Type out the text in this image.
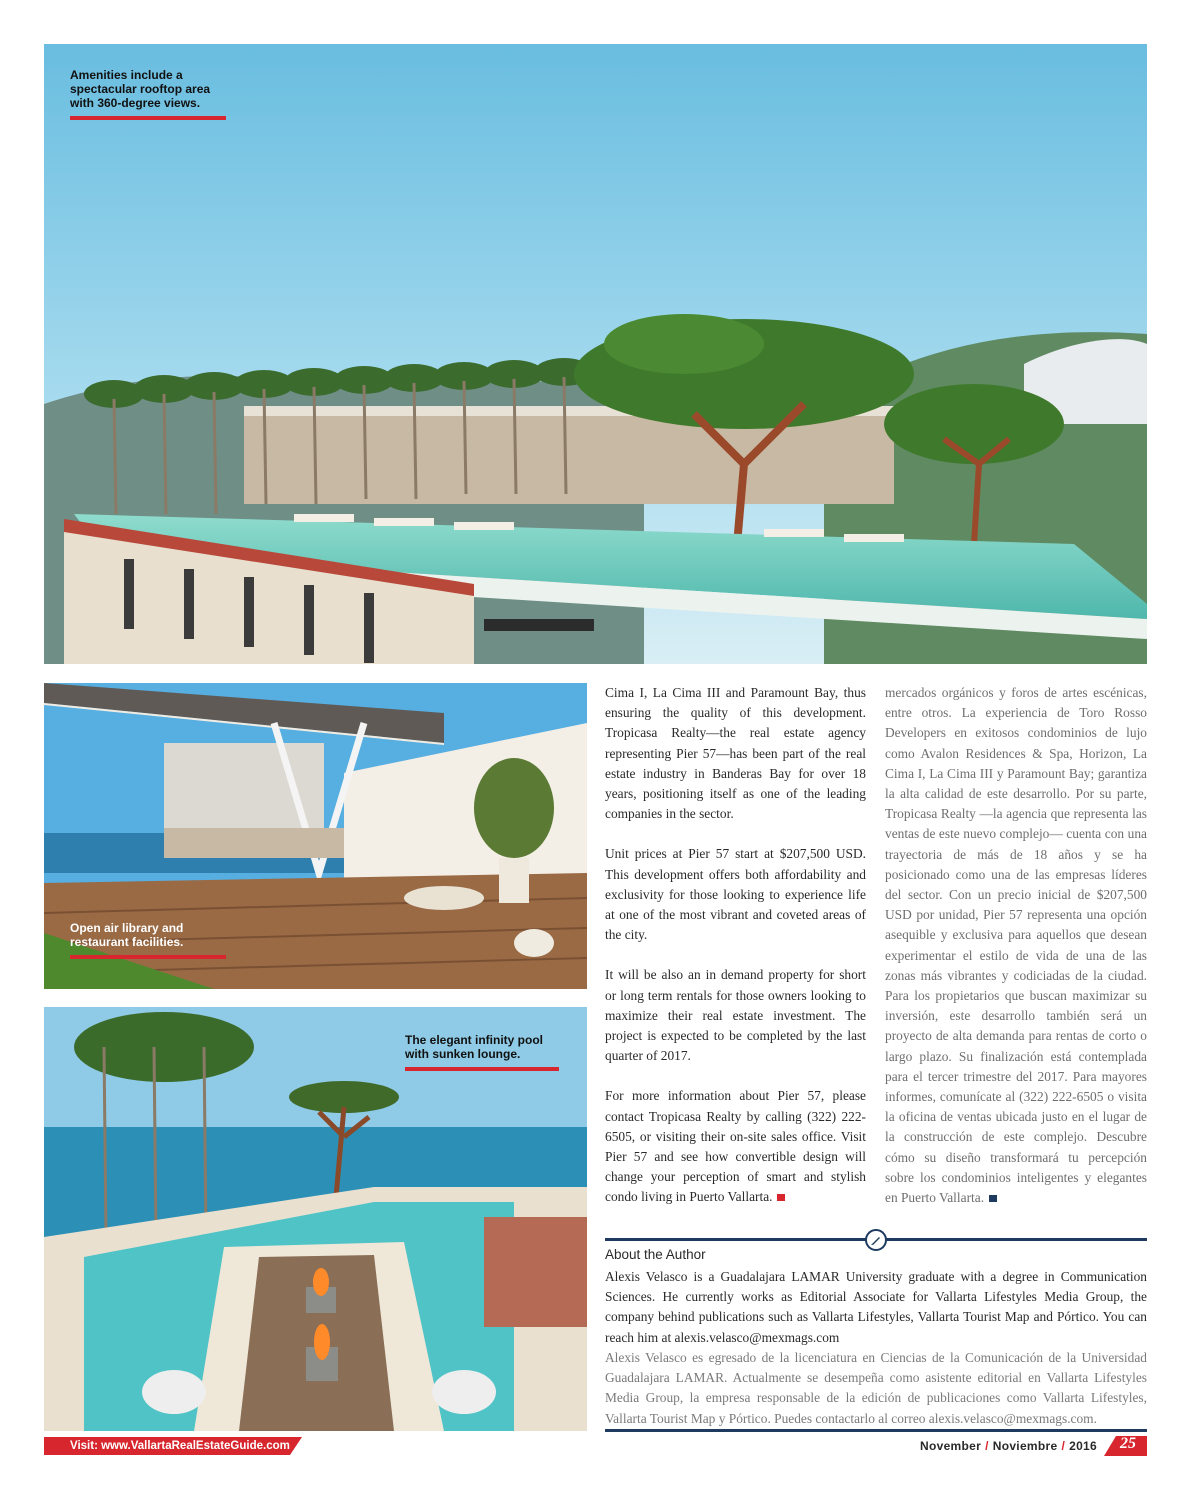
Amenities include a spectacular rooftop area with 360-degree views.
Open air library and restaurant facilities.
The elegant infinity pool with sunken lounge.

Cima I, La Cima III and Paramount Bay, thus ensuring the quality of this development. Tropicasa Realty—the real estate agency representing Pier 57—has been part of the real estate industry in Banderas Bay for over 18 years, positioning itself as one of the leading companies in the sector.

Unit prices at Pier 57 start at $207,500 USD. This development offers both affordability and exclusivity for those looking to experience life at one of the most vibrant and coveted areas of the city.

It will be also an in demand property for short or long term rentals for those owners looking to maximize their real estate investment. The project is expected to be completed by the last quarter of 2017.

For more information about Pier 57, please contact Tropicasa Realty by calling (322) 222-6505, or visiting their on-site sales office. Visit Pier 57 and see how convertible design will change your perception of smart and stylish condo living in Puerto Vallarta.

mercados orgánicos y foros de artes escénicas, entre otros. La experiencia de Toro Rosso Developers en exitosos condominios de lujo como Avalon Residences & Spa, Horizon, La Cima I, La Cima III y Paramount Bay; garantiza la alta calidad de este desarrollo. Por su parte, Tropicasa Realty —la agencia que representa las ventas de este nuevo complejo— cuenta con una trayectoria de más de 18 años y se ha posicionado como una de las empresas líderes del sector. Con un precio inicial de $207,500 USD por unidad, Pier 57 representa una opción asequible y exclusiva para aquellos que desean experimentar el estilo de vida de una de las zonas más vibrantes y codiciadas de la ciudad. Para los propietarios que buscan maximizar su inversión, este desarrollo también será un proyecto de alta demanda para rentas de corto o largo plazo. Su finalización está contemplada para el tercer trimestre del 2017. Para mayores informes, comunícate al (322) 222-6505 o visita la oficina de ventas ubicada justo en el lugar de la construcción de este complejo. Descubre cómo su diseño transformará tu percepción sobre los condominios inteligentes y elegantes en Puerto Vallarta.

About the Author
Alexis Velasco is a Guadalajara LAMAR University graduate with a degree in Communication Sciences. He currently works as Editorial Associate for Vallarta Lifestyles Media Group, the company behind publications such as Vallarta Lifestyles, Vallarta Tourist Map and Pórtico. You can reach him at alexis.velasco@mexmags.com
Alexis Velasco es egresado de la licenciatura en Ciencias de la Comunicación de la Universidad Guadalajara LAMAR. Actualmente se desempeña como asistente editorial en Vallarta Lifestyles Media Group, la empresa responsable de la edición de publicaciones como Vallarta Lifestyles, Vallarta Tourist Map y Pórtico. Puedes contactarlo al correo alexis.velasco@mexmags.com.
Visit: www.VallartaRealEstateGuide.com	November / Noviembre / 2016 25
